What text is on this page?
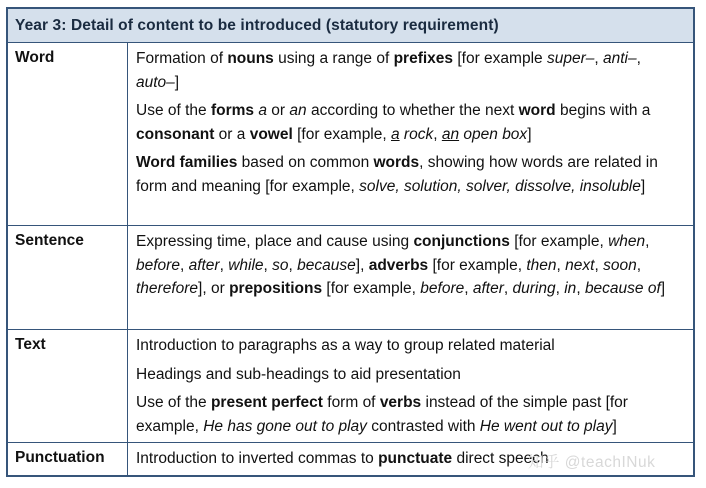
Year 3: Detail of content to be introduced (statutory requirement)
Word	Formation of nouns using a range of prefixes [for example super–, anti–, auto–]
Use of the forms a or an according to whether the next word begins with a consonant or a vowel [for example, a rock, an open box]
Word families based on common words, showing how words are related in form and meaning [for example, solve, solution, solver, dissolve, insoluble]
Sentence	Expressing time, place and cause using conjunctions [for example, when, before, after, while, so, because], adverbs [for example, then, next, soon, therefore], or prepositions [for example, before, after, during, in, because of]
Text	Introduction to paragraphs as a way to group related material
Headings and sub-headings to aid presentation
Use of the present perfect form of verbs instead of the simple past [for example, He has gone out to play contrasted with He went out to play]
Punctuation Introduction to inverted commas to punctuate direct speech
知乎 @teachINuk
